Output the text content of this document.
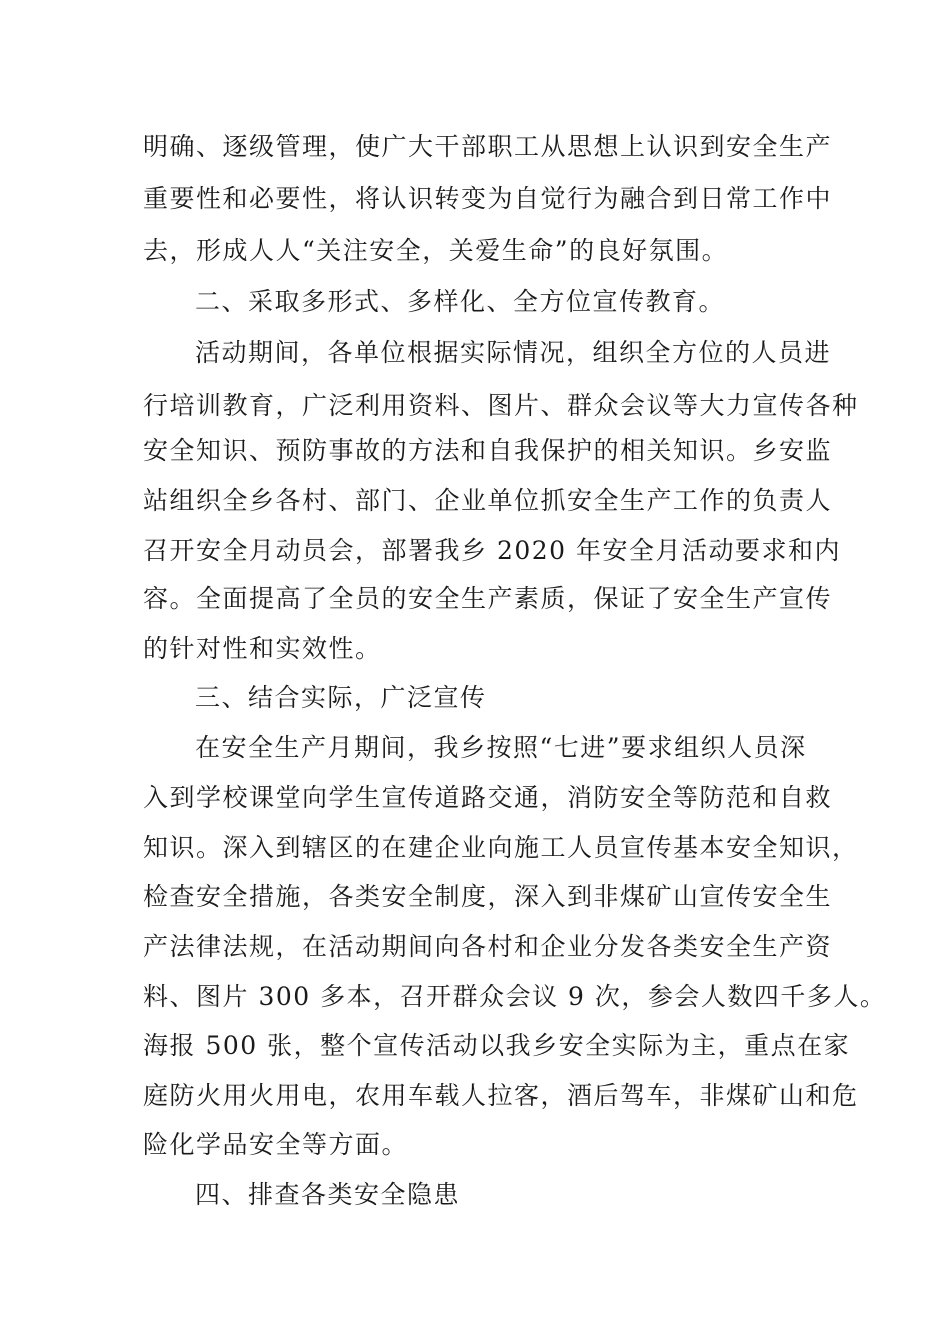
明确、逐级管理，使广大干部职工从思想上认识到安全生产
重要性和必要性，将认识转变为自觉行为融合到日常工作中
去，形成人人“关注安全，关爱生命”的良好氛围。
二、采取多形式、多样化、全方位宣传教育。
活动期间，各单位根据实际情况，组织全方位的人员进
行培训教育，广泛利用资料、图片、群众会议等大力宣传各种
安全知识、预防事故的方法和自我保护的相关知识。乡安监
站组织全乡各村、部门、企业单位抓安全生产工作的负责人
召开安全月动员会，部署我乡 2020 年安全月活动要求和内
容。全面提高了全员的安全生产素质，保证了安全生产宣传
的针对性和实效性。
三、结合实际，广泛宣传
在安全生产月期间，我乡按照“七进”要求组织人员深
入到学校课堂向学生宣传道路交通，消防安全等防范和自救
知识。深入到辖区的在建企业向施工人员宣传基本安全知识，
检查安全措施，各类安全制度，深入到非煤矿山宣传安全生
产法律法规，在活动期间向各村和企业分发各类安全生产资
料、图片 300 多本，召开群众会议 9 次，参会人数四千多人。
海报 500 张，整个宣传活动以我乡安全实际为主，重点在家
庭防火用火用电，农用车载人拉客，酒后驾车，非煤矿山和危
险化学品安全等方面。
四、排查各类安全隐患
